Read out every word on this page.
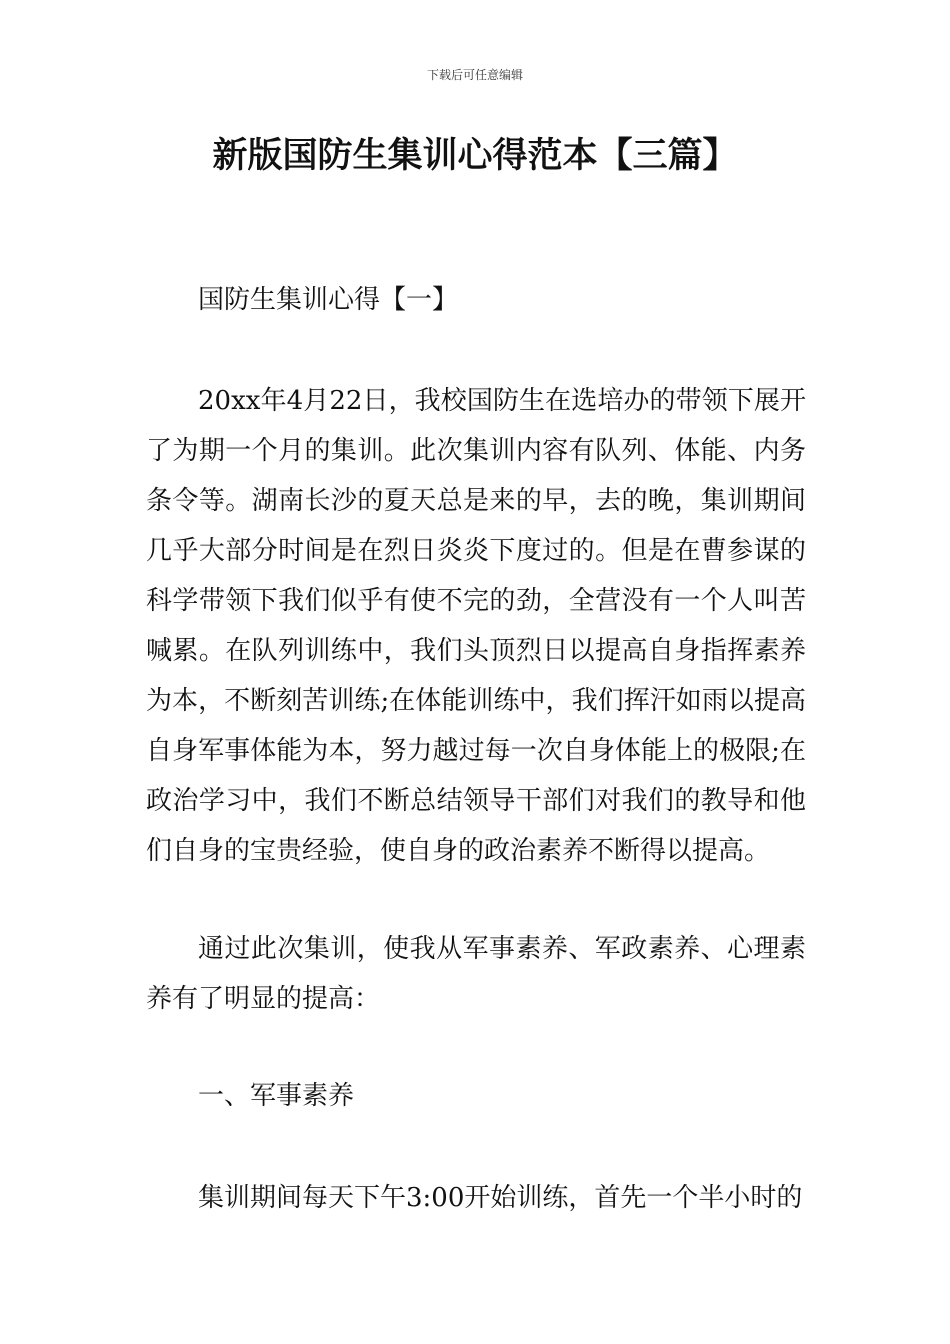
下载后可任意编辑
新版国防生集训心得范本【三篇】

国防生集训心得【一】

20xx年4月22日，我校国防生在选培办的带领下展开了为期一个月的集训。此次集训内容有队列、体能、内务条令等。湖南长沙的夏天总是来的早，去的晚，集训期间几乎大部分时间是在烈日炎炎下度过的。但是在曹参谋的科学带领下我们似乎有使不完的劲，全营没有一个人叫苦喊累。在队列训练中，我们头顶烈日以提高自身指挥素养为本，不断刻苦训练;在体能训练中，我们挥汗如雨以提高自身军事体能为本，努力越过每一次自身体能上的极限;在政治学习中，我们不断总结领导干部们对我们的教导和他们自身的宝贵经验，使自身的政治素养不断得以提高。

通过此次集训，使我从军事素养、军政素养、心理素养有了明显的提高：

一、军事素养

集训期间每天下午3:00开始训练，首先一个半小时的
